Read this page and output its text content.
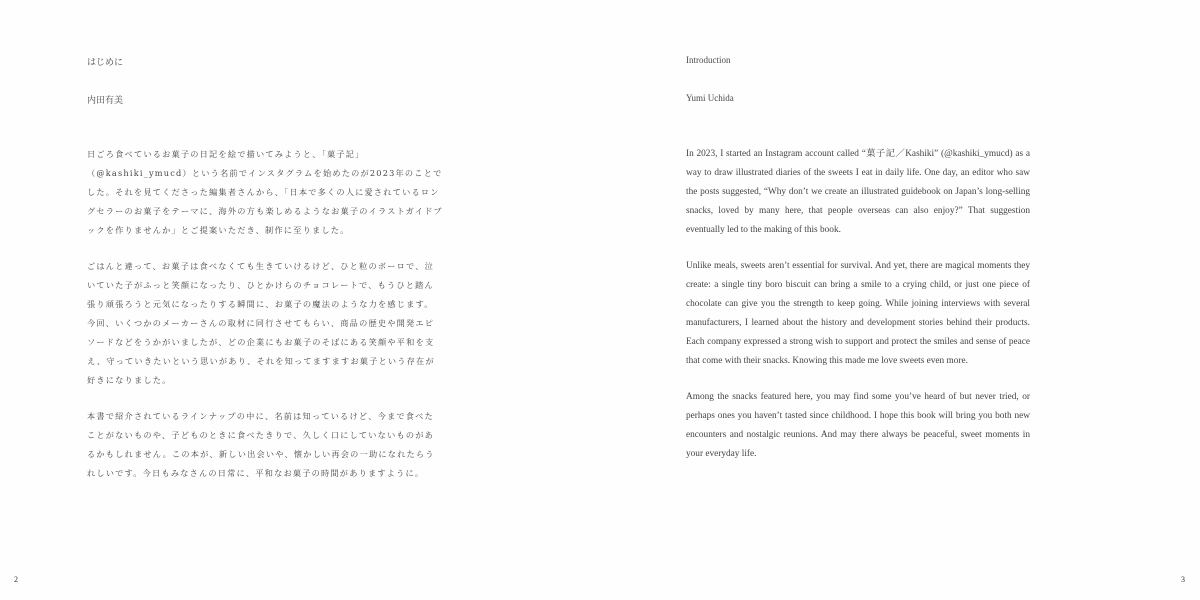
はじめに
内田有美

日ごろ食べているお菓子の日記を絵で描いてみようと、「菓子記」（@kashiki_ymucd）という名前でインスタグラムを始めたのが2023年のことでした。それを見てくださった編集者さんから、「日本で多くの人に愛されているロングセラーのお菓子をテーマに、海外の方も楽しめるようなお菓子のイラストガイドブックを作りませんか」とご提案いただき、制作に至りました。

ごはんと違って、お菓子は食べなくても生きていけるけど、ひと粒のボーロで、泣いていた子がふっと笑顔になったり、ひとかけらのチョコレートで、もうひと踏ん張り頑張ろうと元気になったりする瞬間に、お菓子の魔法のような力を感じます。今回、いくつかのメーカーさんの取材に同行させてもらい、商品の歴史や開発エピソードなどをうかがいましたが、どの企業にもお菓子のそばにある笑顔や平和を支え、守っていきたいという思いがあり、それを知ってますますお菓子という存在が好きになりました。

本書で紹介されているラインナップの中に、名前は知っているけど、今まで食べたことがないものや、子どものときに食べたきりで、久しく口にしていないものがあるかもしれません。この本が、新しい出会いや、懐かしい再会の一助になれたらうれしいです。今日もみなさんの日常に、平和なお菓子の時間がありますように。

2
Introduction
Yumi Uchida

In 2023, I started an Instagram account called “菓子記／Kashiki” (@kashiki_ymucd) as a way to draw illustrated diaries of the sweets I eat in daily life. One day, an editor who saw the posts suggested, “Why don’t we create an illustrated guidebook on Japan’s long-selling snacks, loved by many here, that people overseas can also enjoy?” That suggestion eventually led to the making of this book.

Unlike meals, sweets aren’t essential for survival. And yet, there are magical moments they create: a single tiny boro biscuit can bring a smile to a crying child, or just one piece of chocolate can give you the strength to keep going. While joining interviews with several manufacturers, I learned about the history and development stories behind their products. Each company expressed a strong wish to support and protect the smiles and sense of peace that come with their snacks. Knowing this made me love sweets even more.

Among the snacks featured here, you may find some you’ve heard of but never tried, or perhaps ones you haven’t tasted since childhood. I hope this book will bring you both new encounters and nostalgic reunions. And may there always be peaceful, sweet moments in your everyday life.

3
